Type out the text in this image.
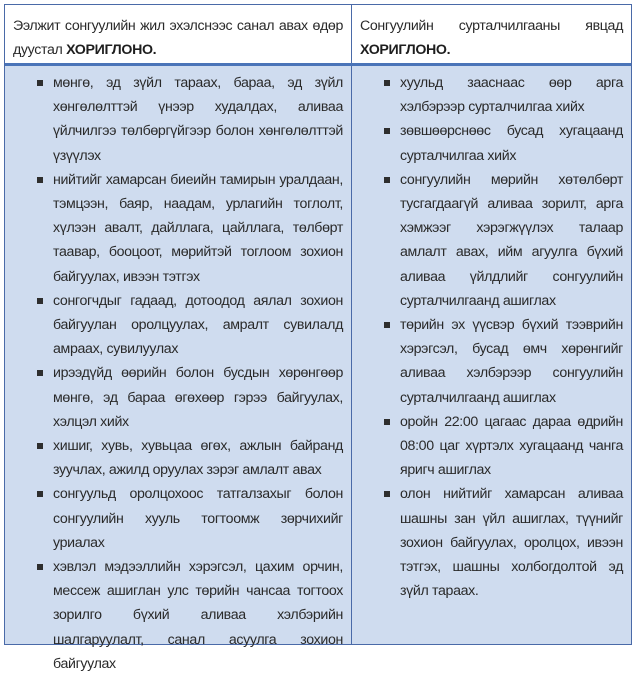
Ээлжит сонгуулийн жил эхэлснээс санал авах өдөр дуустал ХОРИГЛОНО.
Сонгуулийн сурталчилгааны явцад ХОРИГЛОНО.
мөнгө, эд зүйл тараах, бараа, эд зүйл хөнгөлөлттэй үнээр худалдах, аливаа үйлчилгээ төлбөргүйгээр болон хөнгөлөлттэй үзүүлэх
нийтийг хамарсан биеийн тамирын уралдаан, тэмцээн, баяр, наадам, урлагийн тоглолт, хүлээн авалт, дайллага, цайллага, төлбөрт таавар, бооцоот, мөрийтэй тоглоом зохион байгуулах, ивээн тэтгэх
сонгогчдыг гадаад, дотоодод аялал зохион байгуулан оролцуулах, амралт сувилалд амраах, сувилуулах
ирээдүйд өөрийн болон бусдын хөрөнгөөр мөнгө, эд бараа өгөхөөр гэрээ байгуулах, хэлцэл хийх
хишиг, хувь, хувьцаа өгөх, ажлын байранд зуучлах, ажилд оруулах зэрэг амлалт авах
сонгуульд оролцохоос татгалзахыг болон сонгуулийн хууль тогтоомж зөрчихийг уриалах
хэвлэл мэдээллийн хэрэгсэл, цахим орчин, мессеж ашиглан улс төрийн чансаа тогтоох зорилго бүхий аливаа хэлбэрийн шалгаруулалт, санал асуулга зохион байгуулах
хуульд зааснаас өөр арга хэлбэрээр сурталчилгаа хийх
зөвшөөрснөөс бусад хугацаанд сурталчилгаа хийх
сонгуулийн мөрийн хөтөлбөрт тусгагдаагүй аливаа зорилт, арга хэмжээг хэрэгжүүлэх талаар амлалт авах, ийм агуулга бүхий аливаа үйлдлийг сонгуулийн сурталчилгаанд ашиглах
төрийн эх үүсвэр бүхий тээврийн хэрэгсэл, бусад өмч хөрөнгийг аливаа хэлбэрээр сонгуулийн сурталчилгаанд ашиглах
оройн 22:00 цагаас дараа өдрийн 08:00 цаг хүртэлх хугацаанд чанга яригч ашиглах
олон нийтийг хамарсан аливаа шашны зан үйл ашиглах, түүнийг зохион байгуулах, оролцох, ивээн тэтгэх, шашны холбогдолтой эд зүйл тараах.
